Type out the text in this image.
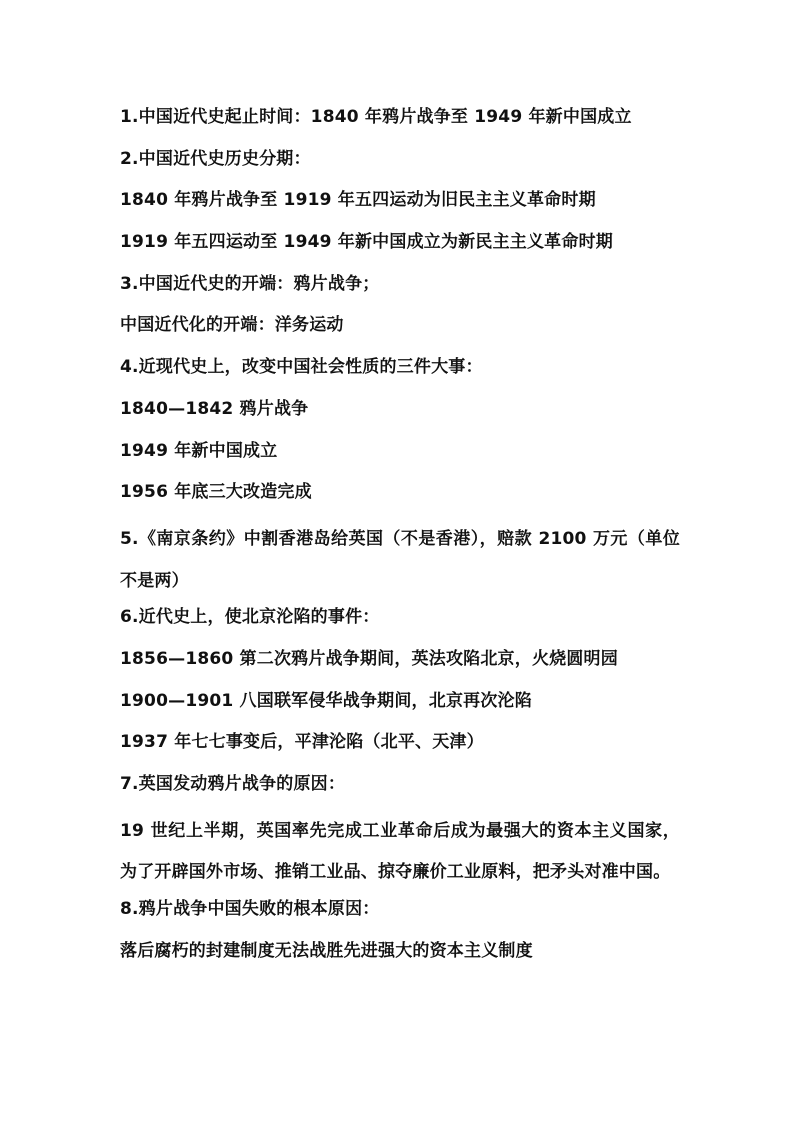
1.中国近代史起止时间：1840 年鸦片战争至 1949 年新中国成立
2.中国近代史历史分期：
1840 年鸦片战争至 1919 年五四运动为旧民主主义革命时期
1919 年五四运动至 1949 年新中国成立为新民主主义革命时期
3.中国近代史的开端：鸦片战争；
中国近代化的开端：洋务运动
4.近现代史上，改变中国社会性质的三件大事：
1840—1842 鸦片战争
1949 年新中国成立
1956 年底三大改造完成
5.《南京条约》中割香港岛给英国（不是香港），赔款 2100 万元（单位不是两）
6.近代史上，使北京沦陷的事件：
1856—1860 第二次鸦片战争期间，英法攻陷北京，火烧圆明园
1900—1901 八国联军侵华战争期间，北京再次沦陷
1937 年七七事变后，平津沦陷（北平、天津）
7.英国发动鸦片战争的原因：
19 世纪上半期，英国率先完成工业革命后成为最强大的资本主义国家，为了开辟国外市场、推销工业品、掠夺廉价工业原料，把矛头对准中国。
8.鸦片战争中国失败的根本原因：
落后腐朽的封建制度无法战胜先进强大的资本主义制度
